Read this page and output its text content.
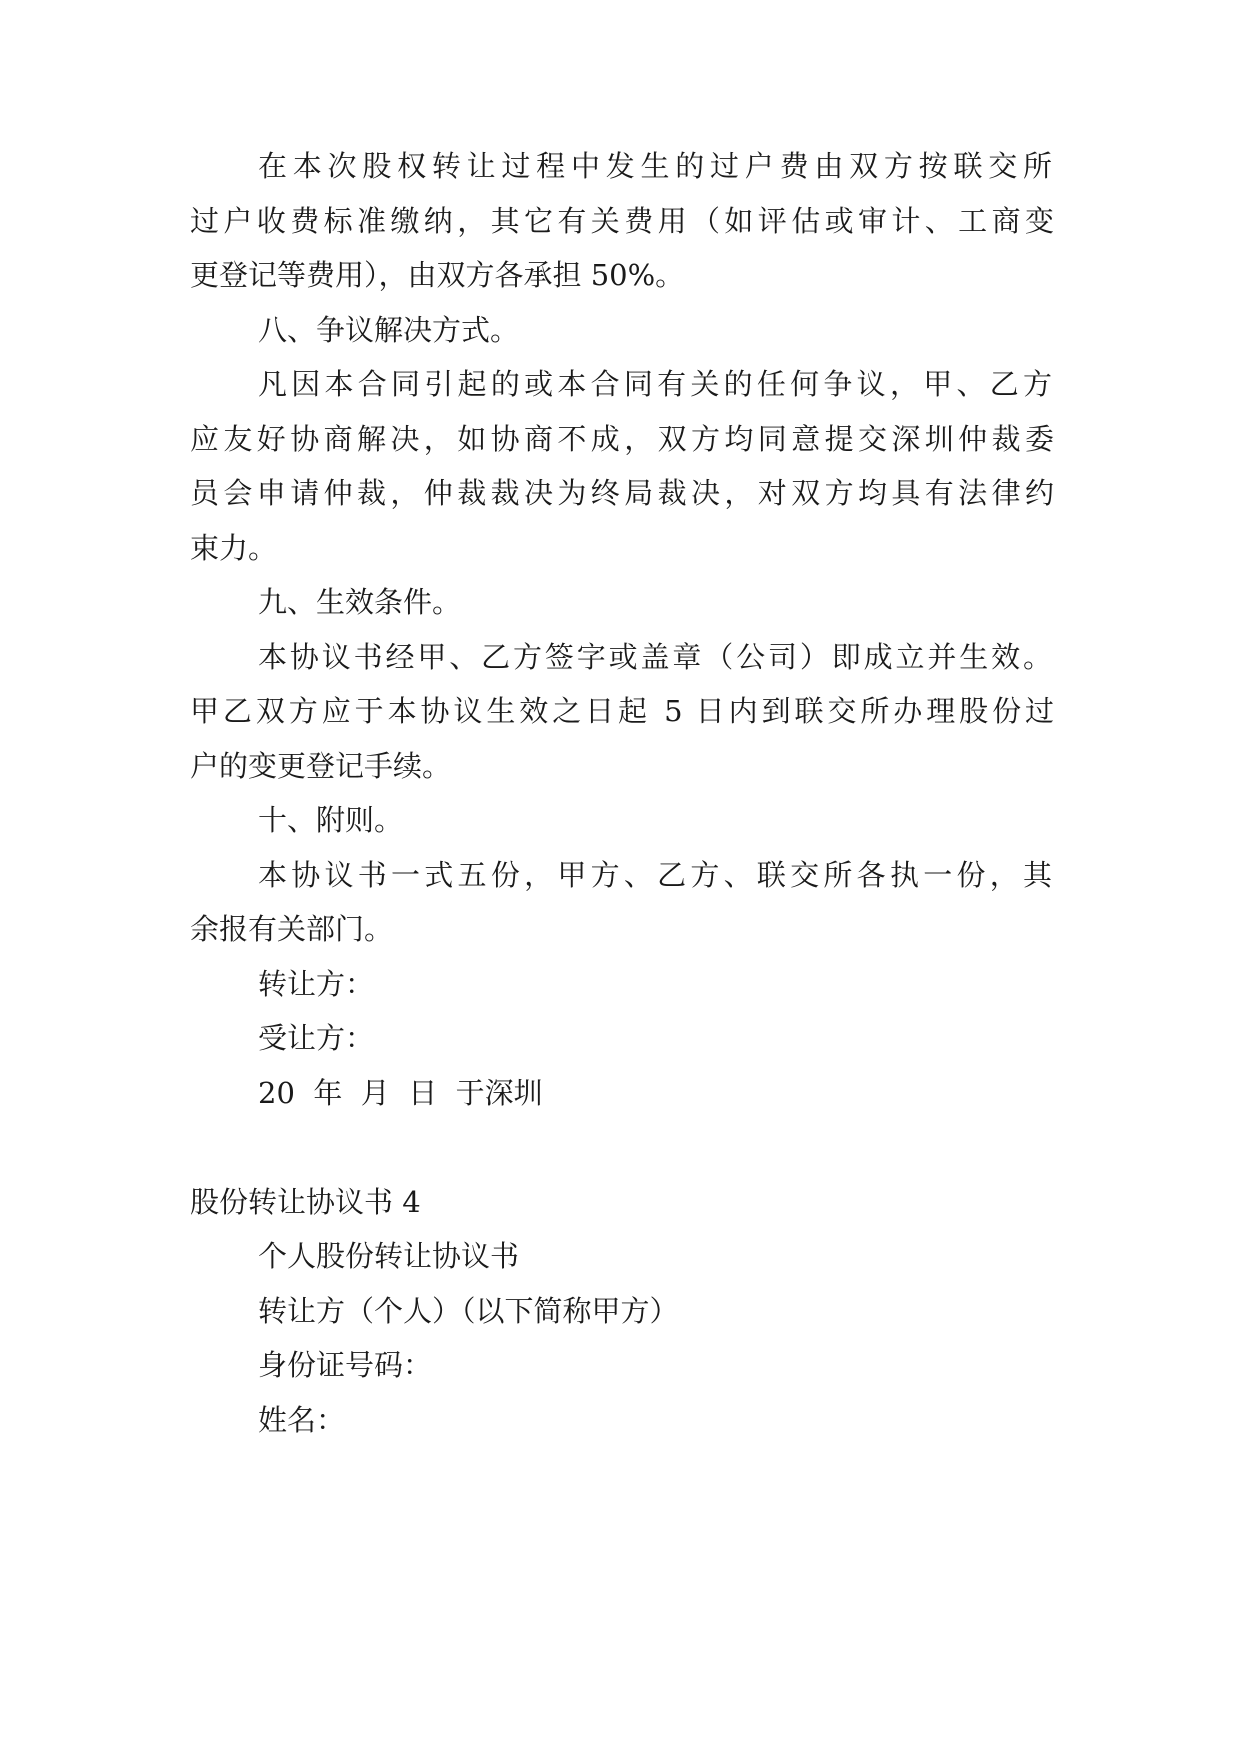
在本次股权转让过程中发生的过户费由双方按联交所
过户收费标准缴纳，其它有关费用（如评估或审计、工商变
更登记等费用），由双方各承担 50%。
八、争议解决方式。
凡因本合同引起的或本合同有关的任何争议，甲、乙方
应友好协商解决，如协商不成，双方均同意提交深圳仲裁委
员会申请仲裁，仲裁裁决为终局裁决，对双方均具有法律约
束力。
九、生效条件。
本协议书经甲、乙方签字或盖章（公司）即成立并生效。
甲乙双方应于本协议生效之日起 5 日内到联交所办理股份过
户的变更登记手续。
十、附则。
本协议书一式五份，甲方、乙方、联交所各执一份，其
余报有关部门。
转让方：
受让方：
20  年  月  日  于深圳
股份转让协议书 4
个人股份转让协议书
转让方（个人）（以下简称甲方）
身份证号码：
姓名：
